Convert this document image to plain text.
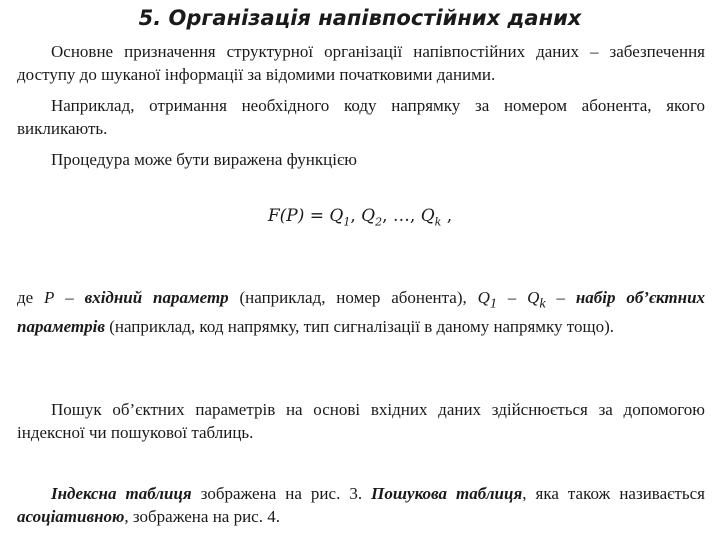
5. Організація напівпостійних даних

Основне призначення структурної організації напівпостійних даних – забезпечення доступу до шуканої інформації за відомими початковими даними.

Наприклад, отримання необхідного коду напрямку за номером абонента, якого викликають.

Процедура може бути виражена функцією

$F(P) = Q_1$, $Q_2$, …, $Q_k$ ,

де P – вхідний параметр (наприклад, номер абонента), $Q_1 - Q_k$ – набір об’єктних параметрів (наприклад, код напрямку, тип сигналізації в даному напрямку тощо).

Пошук об’єктних параметрів на основі вхідних даних здійснюється за допомогою індексної чи пошукової таблиць.

Індексна таблиця зображена на рис. 3. Пошукова таблиця, яка також називається асоціативною, зображена на рис. 4.
